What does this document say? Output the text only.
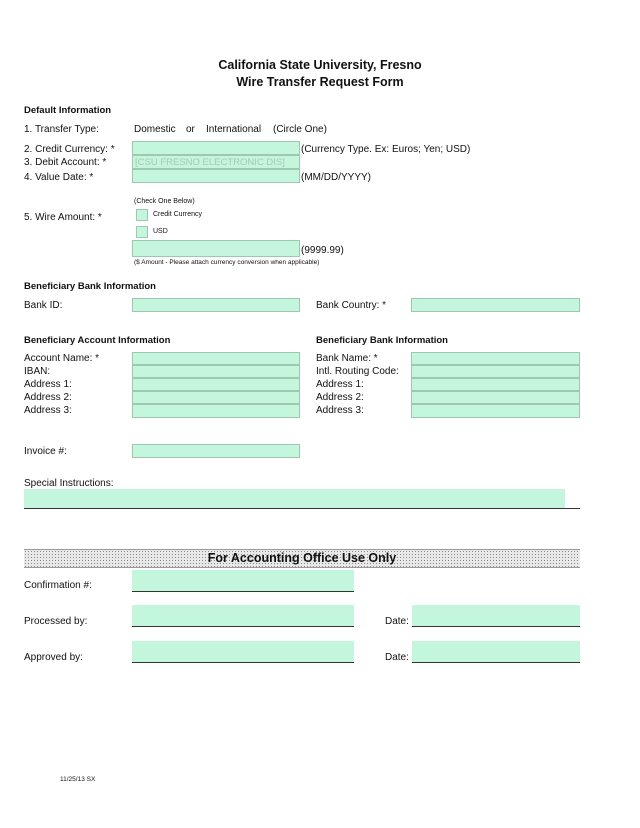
California State University, Fresno
Wire Transfer Request Form
Default Information
1. Transfer Type:	Domestic or International (Circle One)
2. Credit Currency: *	(Currency Type. Ex: Euros; Yen; USD)
3. Debit Account: *	[CSU FRESNO ELECTRONIC DIS]
4. Value Date: *	(MM/DD/YYYY)
(Check One Below)
5. Wire Amount: *	Credit Currency
USD
(9999.99)
($ Amount - Please attach currency conversion when applicable)
Beneficiary Bank Information
Bank ID:	Bank Country: *
Beneficiary Account Information
Account Name: *
IBAN:
Address 1:
Address 2:
Address 3:
Beneficiary Bank Information
Bank Name: *
Intl. Routing Code:
Address 1:
Address 2:
Address 3:
Invoice #:
Special Instructions:
For Accounting Office Use Only
Confirmation #:
Processed by:	Date:
Approved by:	Date:
11/25/13 SX
